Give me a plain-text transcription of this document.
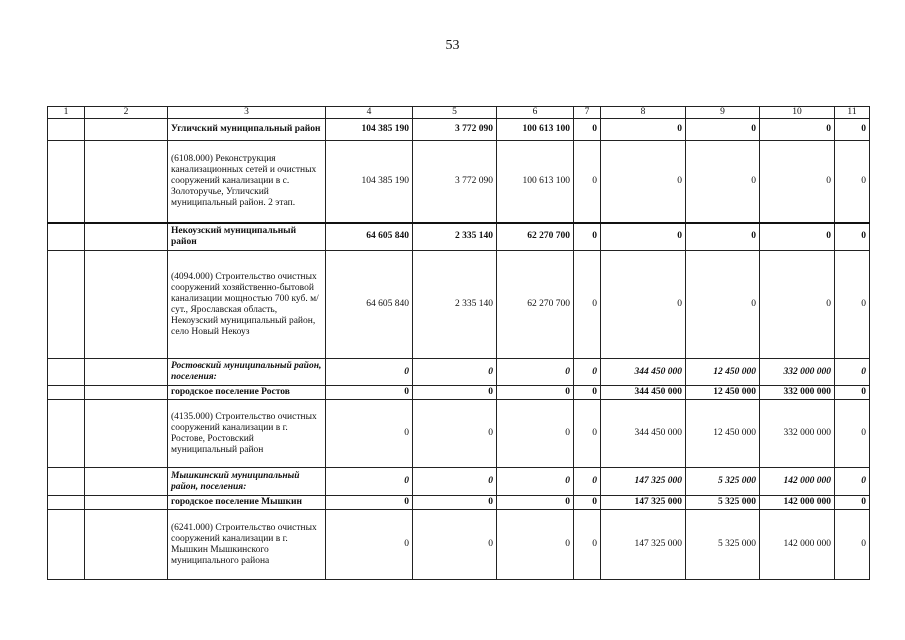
53
1	2	3	4	5	6	7	8	9	10	11
		Угличский муниципальный район	104 385 190	3 772 090	100 613 100	0	0	0	0	0
		(6108.000) Реконструкция канализационных сетей и очистных сооружений канализации в с. Золоторучье, Угличский муниципальный район. 2 этап.	104 385 190	3 772 090	100 613 100	0	0	0	0	0
		Некоузский муниципальный район	64 605 840	2 335 140	62 270 700	0	0	0	0	0
		(4094.000) Строительство очистных сооружений хозяйственно-бытовой канализации мощностью 700 куб. м/сут., Ярославская область, Некоузский муниципальный район, село Новый Некоуз	64 605 840	2 335 140	62 270 700	0	0	0	0	0
		Ростовский муниципальный район, поселения:	0	0	0	0	344 450 000	12 450 000	332 000 000	0
		городское поселение Ростов	0	0	0	0	344 450 000	12 450 000	332 000 000	0
		(4135.000) Строительство очистных сооружений канализации в г. Ростове, Ростовский муниципальный район	0	0	0	0	344 450 000	12 450 000	332 000 000	0
		Мышкинский муниципальный район, поселения:	0	0	0	0	147 325 000	5 325 000	142 000 000	0
		городское поселение Мышкин	0	0	0	0	147 325 000	5 325 000	142 000 000	0
		(6241.000) Строительство очистных сооружений канализации в г. Мышкин Мышкинского муниципального района	0	0	0	0	147 325 000	5 325 000	142 000 000	0
